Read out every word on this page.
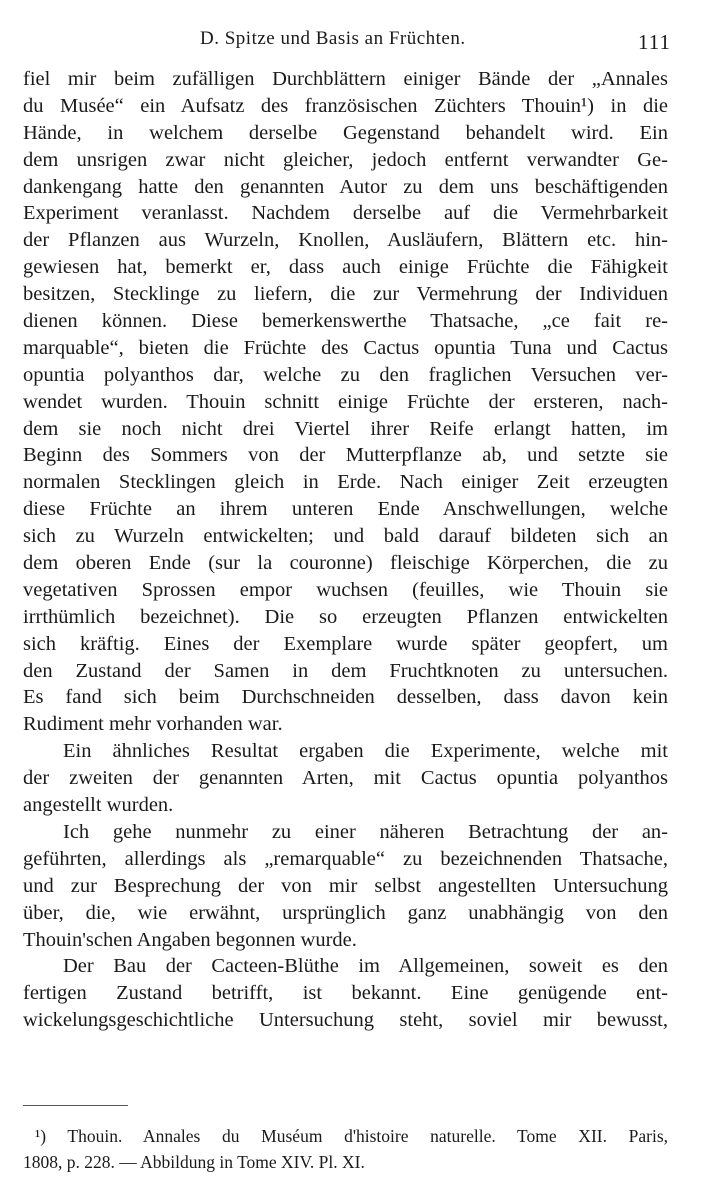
D. Spitze und Basis an Früchten.	111
fiel mir beim zufälligen Durchblättern einiger Bände der „Annales
du Musée“ ein Aufsatz des französischen Züchters Thouin¹) in die
Hände, in welchem derselbe Gegenstand behandelt wird. Ein
dem unsrigen zwar nicht gleicher, jedoch entfernt verwandter Ge-
dankengang hatte den genannten Autor zu dem uns beschäftigenden
Experiment veranlasst. Nachdem derselbe auf die Vermehrbarkeit
der Pflanzen aus Wurzeln, Knollen, Ausläufern, Blättern etc. hin-
gewiesen hat, bemerkt er, dass auch einige Früchte die Fähigkeit
besitzen, Stecklinge zu liefern, die zur Vermehrung der Individuen
dienen können. Diese bemerkenswerthe Thatsache, „ce fait re-
marquable“, bieten die Früchte des Cactus opuntia Tuna und Cactus
opuntia polyanthos dar, welche zu den fraglichen Versuchen ver-
wendet wurden. Thouin schnitt einige Früchte der ersteren, nach-
dem sie noch nicht drei Viertel ihrer Reife erlangt hatten, im
Beginn des Sommers von der Mutterpflanze ab, und setzte sie
normalen Stecklingen gleich in Erde. Nach einiger Zeit erzeugten
diese Früchte an ihrem unteren Ende Anschwellungen, welche
sich zu Wurzeln entwickelten; und bald darauf bildeten sich an
dem oberen Ende (sur la couronne) fleischige Körperchen, die zu
vegetativen Sprossen empor wuchsen (feuilles, wie Thouin sie
irrthümlich bezeichnet). Die so erzeugten Pflanzen entwickelten
sich kräftig. Eines der Exemplare wurde später geopfert, um
den Zustand der Samen in dem Fruchtknoten zu untersuchen.
Es fand sich beim Durchschneiden desselben, dass davon kein
Rudiment mehr vorhanden war.
Ein ähnliches Resultat ergaben die Experimente, welche mit
der zweiten der genannten Arten, mit Cactus opuntia polyanthos
angestellt wurden.
Ich gehe nunmehr zu einer näheren Betrachtung der an-
geführten, allerdings als „remarquable“ zu bezeichnenden Thatsache,
und zur Besprechung der von mir selbst angestellten Untersuchung
über, die, wie erwähnt, ursprünglich ganz unabhängig von den
Thouin'schen Angaben begonnen wurde.
Der Bau der Cacteen-Blüthe im Allgemeinen, soweit es den
fertigen Zustand betrifft, ist bekannt. Eine genügende ent-
wickelungsgeschichtliche Untersuchung steht, soviel mir bewusst,
¹) Thouin. Annales du Muséum d'histoire naturelle. Tome XII. Paris,
1808, p. 228. — Abbildung in Tome XIV. Pl. XI.
